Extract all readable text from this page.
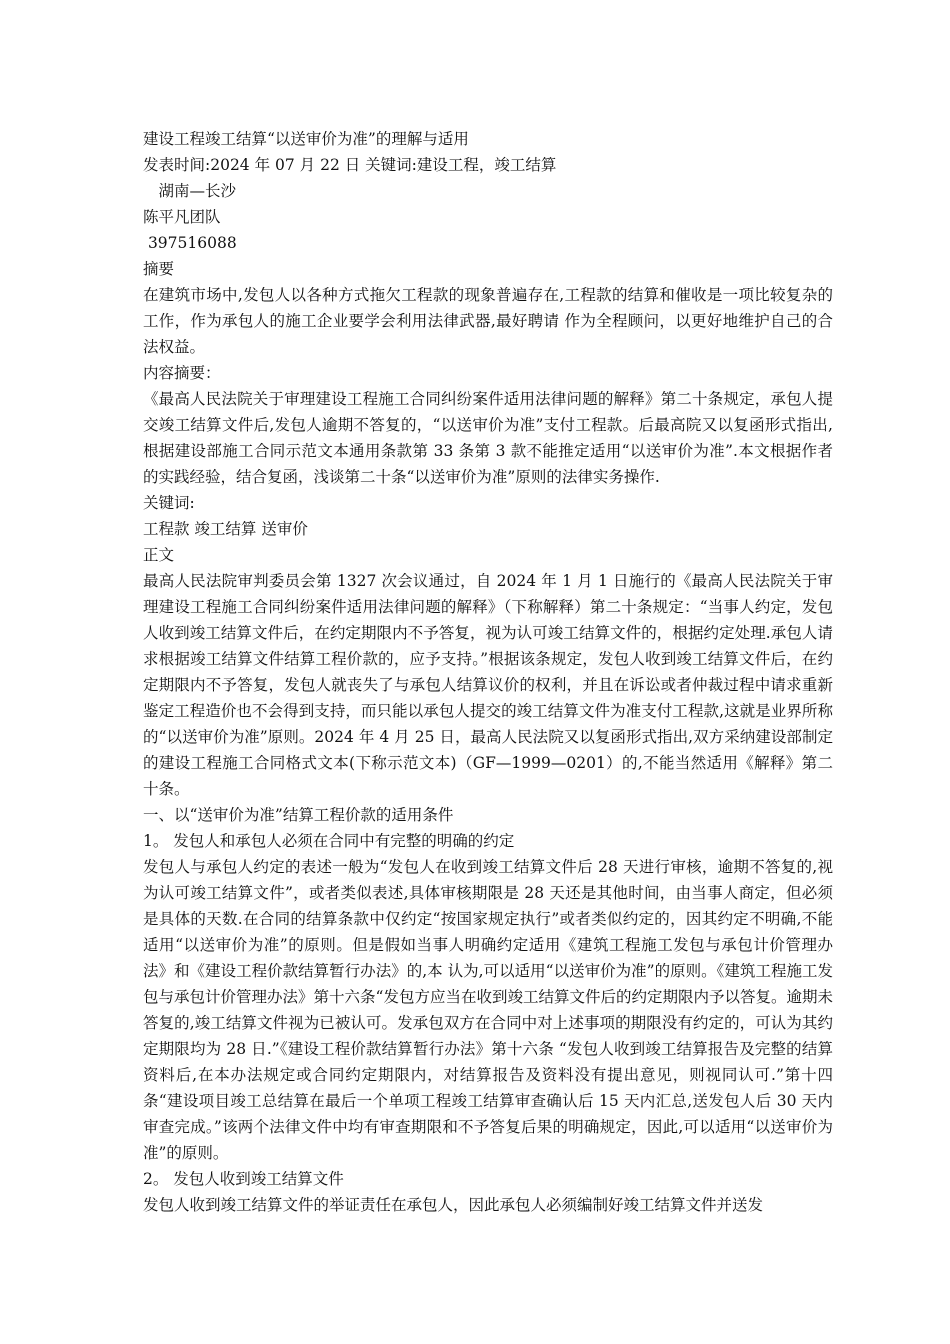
建设工程竣工结算“以送审价为准”的理解与适用

发表时间:2024 年 07 月 22 日 关键词:建设工程，竣工结算

　湖南—长沙

陈平凡团队

397516088

摘要

在建筑市场中,发包人以各种方式拖欠工程款的现象普遍存在,工程款的结算和催收是一项比较复杂的工作，作为承包人的施工企业要学会利用法律武器,最好聘请 作为全程顾问，以更好地维护自己的合法权益。

内容摘要：

《最高人民法院关于审理建设工程施工合同纠纷案件适用法律问题的解释》第二十条规定，承包人提交竣工结算文件后,发包人逾期不答复的，“以送审价为准”支付工程款。后最高院又以复函形式指出,根据建设部施工合同示范文本通用条款第 33 条第 3 款不能推定适用“以送审价为准”.本文根据作者的实践经验，结合复函，浅谈第二十条“以送审价为准”原则的法律实务操作.

关键词:

工程款 竣工结算 送审价

正文

最高人民法院审判委员会第 1327 次会议通过，自 2024 年 1 月 1 日施行的《最高人民法院关于审理建设工程施工合同纠纷案件适用法律问题的解释》（下称解释）第二十条规定：“当事人约定，发包人收到竣工结算文件后，在约定期限内不予答复，视为认可竣工结算文件的，根据约定处理.承包人请求根据竣工结算文件结算工程价款的，应予支持。”根据该条规定，发包人收到竣工结算文件后，在约定期限内不予答复，发包人就丧失了与承包人结算议价的权利，并且在诉讼或者仲裁过程中请求重新鉴定工程造价也不会得到支持，而只能以承包人提交的竣工结算文件为准支付工程款,这就是业界所称的“以送审价为准”原则。2024 年 4 月 25 日，最高人民法院又以复函形式指出,双方采纳建设部制定的建设工程施工合同格式文本(下称示范文本)（GF—1999—0201）的,不能当然适用《解释》第二十条。

一、以“送审价为准”结算工程价款的适用条件

1。 发包人和承包人必须在合同中有完整的明确的约定

发包人与承包人约定的表述一般为“发包人在收到竣工结算文件后 28 天进行审核，逾期不答复的,视为认可竣工结算文件”，或者类似表述,具体审核期限是 28 天还是其他时间，由当事人商定，但必须是具体的天数.在合同的结算条款中仅约定“按国家规定执行”或者类似约定的，因其约定不明确,不能适用“以送审价为准”的原则。但是假如当事人明确约定适用《建筑工程施工发包与承包计价管理办法》和《建设工程价款结算暂行办法》的,本 认为,可以适用“以送审价为准”的原则。《建筑工程施工发包与承包计价管理办法》第十六条“发包方应当在收到竣工结算文件后的约定期限内予以答复。逾期未答复的,竣工结算文件视为已被认可。发承包双方在合同中对上述事项的期限没有约定的，可认为其约定期限均为 28 日.”《建设工程价款结算暂行办法》第十六条 “发包人收到竣工结算报告及完整的结算资料后,在本办法规定或合同约定期限内，对结算报告及资料没有提出意见，则视同认可.”第十四条“建设项目竣工总结算在最后一个单项工程竣工结算审查确认后 15 天内汇总,送发包人后 30 天内审查完成。”该两个法律文件中均有审查期限和不予答复后果的明确规定，因此,可以适用“以送审价为准”的原则。

2。 发包人收到竣工结算文件

发包人收到竣工结算文件的举证责任在承包人，因此承包人必须编制好竣工结算文件并送发
